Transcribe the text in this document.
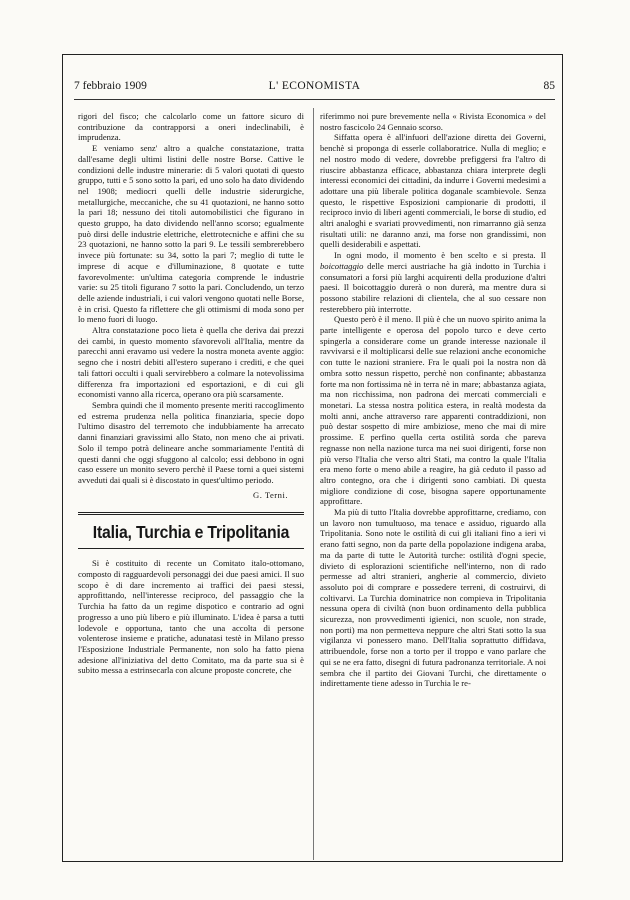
7 febbraio 1909	L' ECONOMISTA	85

rigori del fisco; che calcolarlo come un fattore sicuro di contribuzione da contrapporsi a oneri indeclinabili, è imprudenza.

E veniamo senz' altro a qualche constatazione, tratta dall'esame degli ultimi listini delle nostre Borse. Cattive le condizioni delle industre minerarie: di 5 valori quotati di questo gruppo, tutti e 5 sono sotto la pari, ed uno solo ha dato dividendo nel 1908; mediocri quelli delle industrie siderurgiche, metallurgiche, meccaniche, che su 41 quotazioni, ne hanno sotto la pari 18; nessuno dei titoli automobilistici che figurano in questo gruppo, ha dato dividendo nell'anno scorso; egualmente può dirsi delle industrie elettriche, elettrotecniche e affini che su 23 quotazioni, ne hanno sotto la pari 9. Le tessili sembrerebbero invece più fortunate: su 34, sotto la pari 7; meglio di tutte le imprese di acque e d'illuminazione, 8 quotate e tutte favorevolmente: un'ultima categoria comprende le industrie varie: su 25 titoli figurano 7 sotto la pari. Concludendo, un terzo delle aziende industriali, i cui valori vengono quotati nelle Borse, è in crisi. Questo fa riflettere che gli ottimismi di moda sono per lo meno fuori di luogo.

Altra constatazione poco lieta è quella che deriva dai prezzi dei cambi, in questo momento sfavorevoli all'Italia, mentre da parecchi anni eravamo usi vedere la nostra moneta avente aggio: segno che i nostri debiti all'estero superano i crediti, e che quei tali fattori occulti i quali servirebbero a colmare la notevolissima differenza fra importazioni ed esportazioni, e di cui gli economisti vanno alla ricerca, operano ora più scarsamente.

Sembra quindi che il momento presente meriti raccoglimento ed estrema prudenza nella politica finanziaria, specie dopo l'ultimo disastro del terremoto che indubbiamente ha arrecato danni finanziari gravissimi allo Stato, non meno che ai privati. Solo il tempo potrà delineare anche sommariamente l'entità di questi danni che oggi sfuggono al calcolo; essi debbono in ogni caso essere un monito severo perchè il Paese torni a quei sistemi avveduti dai quali si è discostato in quest'ultimo periodo.

G. Terni.

Italia, Turchia e Tripolitania

Si è costituito di recente un Comitato italo-ottomano, composto di ragguardevoli personaggi dei due paesi amici. Il suo scopo è di dare incremento ai traffici dei paesi stessi, approfittando, nell'interesse reciproco, del passaggio che la Turchia ha fatto da un regime dispotico e contrario ad ogni progresso a uno più libero e più illuminato. L'idea è parsa a tutti lodevole e opportuna, tanto che una accolta di persone volenterose insieme e pratiche, adunatasi testè in Milano presso l'Esposizione Industriale Permanente, non solo ha fatto piena adesione all'iniziativa del detto Comitato, ma da parte sua si è subito messa a estrinsecarla con alcune proposte concrete, che

riferimmo noi pure brevemente nella « Rivista Economica » del nostro fascicolo 24 Gennaio scorso.

Siffatta opera è all'infuori dell'azione diretta dei Governi, benchè si proponga di esserle collaboratrice. Nulla di meglio; e nel nostro modo di vedere, dovrebbe prefiggersi fra l'altro di riuscire abbastanza efficace, abbastanza chiara interprete degli interessi economici dei cittadini, da indurre i Governi medesimi a adottare una più liberale politica doganale scambievole. Senza questo, le rispettive Esposizioni campionarie di prodotti, il reciproco invio di liberi agenti commerciali, le borse di studio, ed altri analoghi e svariati provvedimenti, non rimarranno già senza risultati utili: ne daranno anzi, ma forse non grandissimi, non quelli desiderabili e aspettati.

In ogni modo, il momento è ben scelto e si presta. Il boicottaggio delle merci austriache ha già indotto in Turchia i consumatori a forsi più larghi acquirenti della produzione d'altri paesi. Il boicottaggio durerà o non durerà, ma mentre dura si possono stabilire relazioni di clientela, che al suo cessare non resterebbero più interrotte.

Questo però è il meno. Il più è che un nuovo spirito anima la parte intelligente e operosa del popolo turco e deve certo spingerla a considerare come un grande interesse nazionale il ravvivarsi e il moltiplicarsi delle sue relazioni anche economiche con tutte le nazioni straniere. Fra le quali poi la nostra non dà ombra sotto nessun rispetto, perchè non confinante; abbastanza forte ma non fortissima nè in terra nè in mare; abbastanza agiata, ma non ricchissima, non padrona dei mercati commerciali e monetari. La stessa nostra politica estera, in realtà modesta da molti anni, anche attraverso rare apparenti contraddizioni, non può destar sospetto di mire ambiziose, meno che mai di mire prossime. E perfino quella certa ostilità sorda che pareva regnasse non nella nazione turca ma nei suoi dirigenti, forse non più verso l'Italia che verso altri Stati, ma contro la quale l'Italia era meno forte o meno abile a reagire, ha già ceduto il passo ad altro contegno, ora che i dirigenti sono cambiati. Di questa migliore condizione di cose, bisogna sapere opportunamente approfittare.

Ma più di tutto l'Italia dovrebbe approfittarne, crediamo, con un lavoro non tumultuoso, ma tenace e assiduo, riguardo alla Tripolitania. Sono note le ostilità di cui gli italiani fino a ieri vi erano fatti segno, non da parte della popolazione indigena araba, ma da parte di tutte le Autorità turche: ostilità d'ogni specie, divieto di esplorazioni scientifiche nell'interno, non di rado permesse ad altri stranieri, angherie al commercio, divieto assoluto poi di comprare e possedere terreni, di costruirvi, di coltivarvi. La Turchia dominatrice non compieva in Tripolitania nessuna opera di civiltà (non buon ordinamento della pubblica sicurezza, non provvedimenti igienici, non scuole, non strade, non porti) ma non permetteva neppure che altri Stati sotto la sua vigilanza vi ponessero mano. Dell'Italia soprattutto diffidava, attribuendole, forse non a torto per il troppo e vano parlare che qui se ne era fatto, disegni di futura padronanza territoriale. A noi sembra che il partito dei Giovani Turchi, che direttamente o indirettamente tiene adesso in Turchia le re-
